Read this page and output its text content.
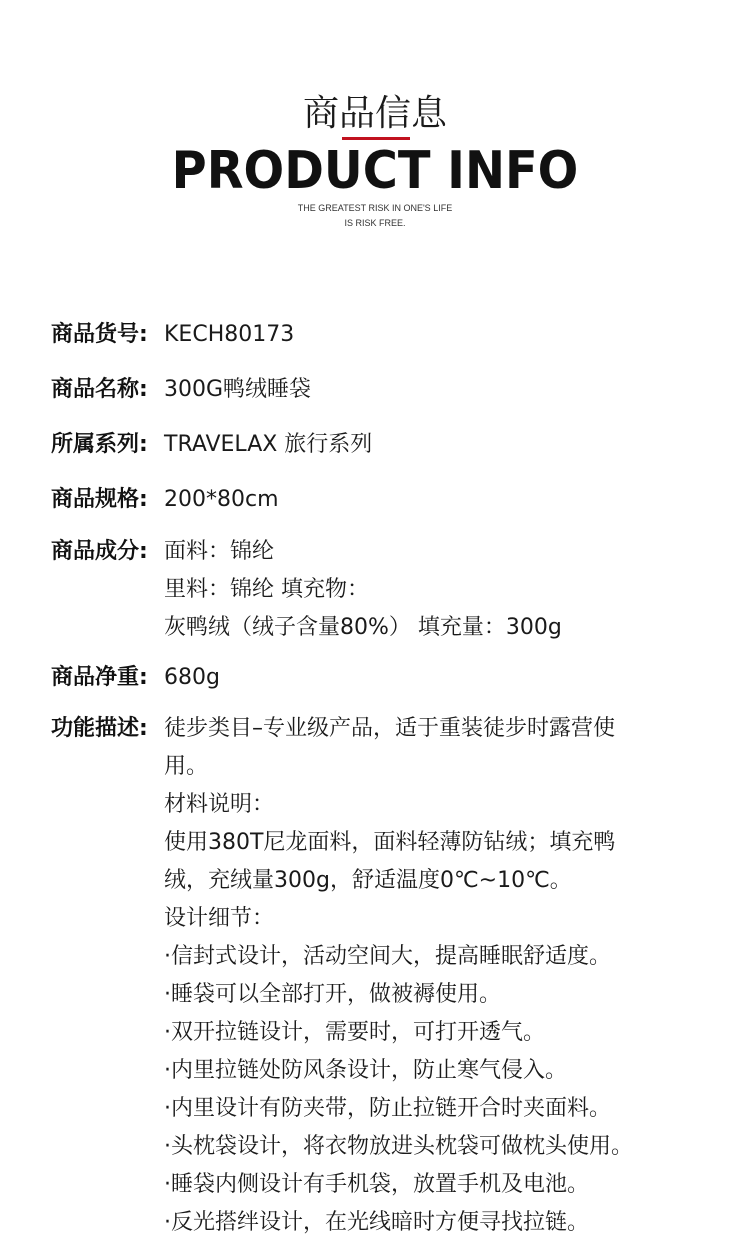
商品信息
PRODUCT INFO
THE GREATEST RISK IN ONE'S LIFE
IS RISK FREE.
商品货号: KECH80173
商品名称: 300G鸭绒睡袋
所属系列: TRAVELAX 旅行系列
商品规格: 200*80cm
商品成分: 面料：锦纶
里料：锦纶 填充物：
灰鸭绒（绒子含量80%） 填充量：300g
商品净重: 680g
功能描述: 徒步类目–专业级产品，适于重装徒步时露营使
用。
材料说明：
使用380T尼龙面料，面料轻薄防钻绒；填充鸭
绒，充绒量300g，舒适温度0℃~10℃。
设计细节：
·信封式设计，活动空间大，提高睡眠舒适度。
·睡袋可以全部打开，做被褥使用。
·双开拉链设计，需要时，可打开透气。
·内里拉链处防风条设计，防止寒气侵入。
·内里设计有防夹带，防止拉链开合时夹面料。
·头枕袋设计，将衣物放进头枕袋可做枕头使用。
·睡袋内侧设计有手机袋，放置手机及电池。
·反光搭绊设计，在光线暗时方便寻找拉链。
